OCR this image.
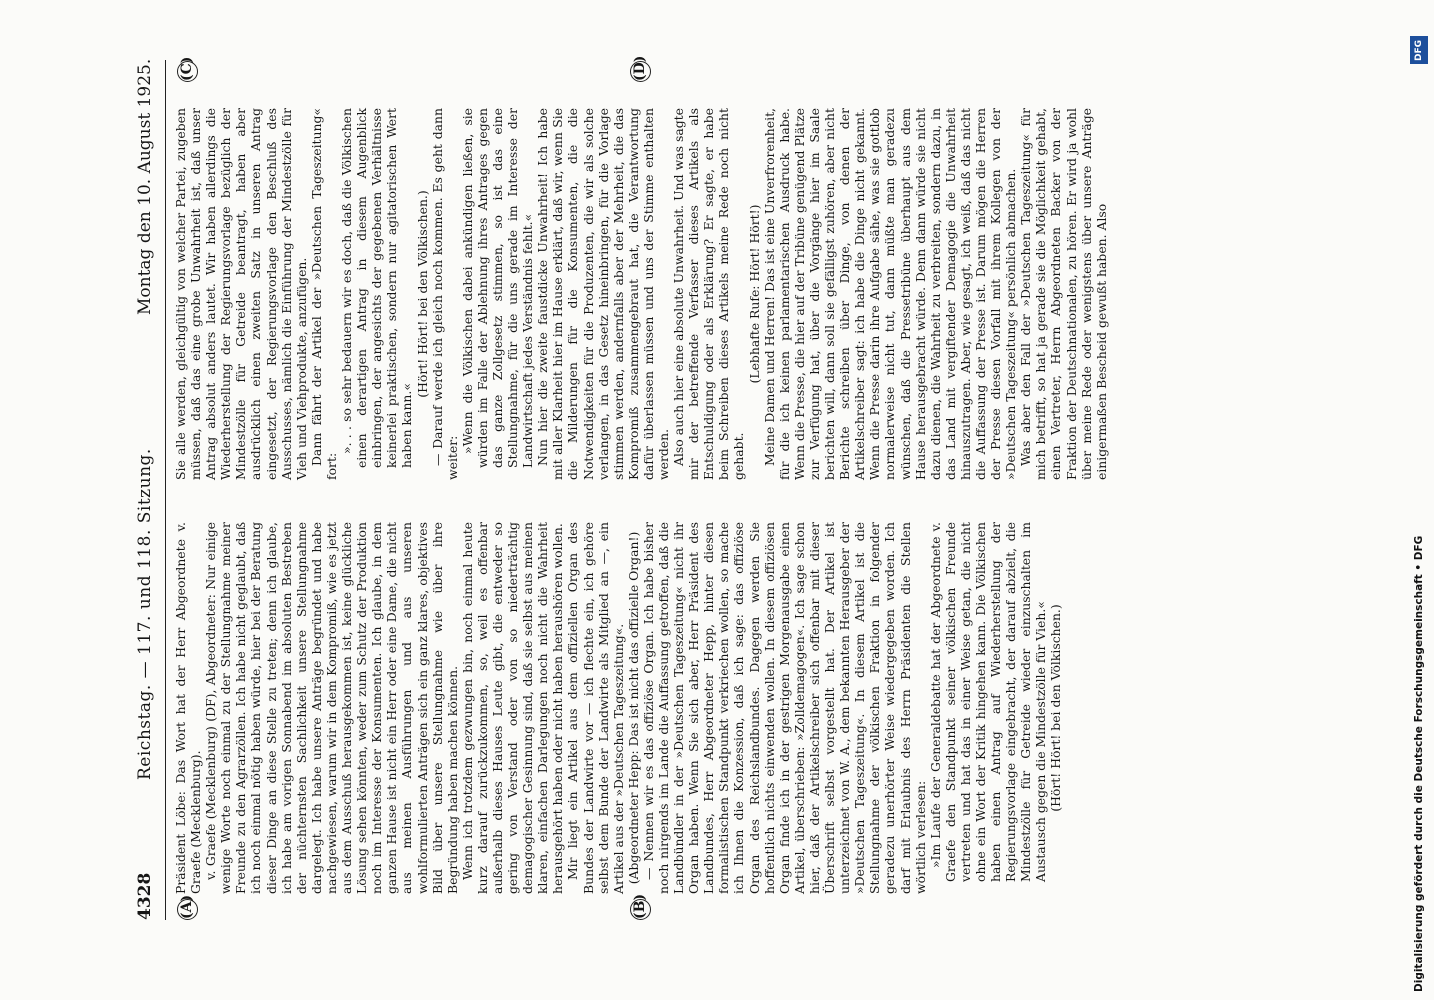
4328
Reichstag. — 117. und 118. Sitzung.
Montag den 10. August 1925.
(A)	(B)
(C)	(D)

Präsident Löbe: Das Wort hat der Herr Abgeordnete v. Graefe (Mecklenburg). v. Graefe (Mecklenburg) (DF), Abgeordneter: Nur einige wenige Worte noch einmal zu der Stellungnahme meiner Freunde zu den Agrarzöllen. Ich habe nicht geglaubt, daß ich noch einmal nötig haben würde, hier bei der Beratung dieser Dinge an diese Stelle zu treten; denn ich glaube, ich habe am vorigen Sonnabend im absoluten Bestreben der nüchternsten Sachlichkeit unsere Stellungnahme dargelegt. Ich habe unsere Anträge begründet und habe nachgewiesen, warum wir in dem Kompromiß, wie es jetzt aus dem Ausschuß herausgekommen ist, keine glückliche Lösung sehen könnten, weder zum Schutz der Produktion noch im Interesse der Konsumenten. Ich glaube, in dem ganzen Hause ist nicht ein Herr oder eine Dame, die nicht aus meinen Ausführungen und aus unseren wohlformulierten Anträgen sich ein ganz klares, objektives Bild über unsere Stellungnahme wie über ihre Begründung haben machen können. Wenn ich trotzdem gezwungen bin, noch einmal heute kurz darauf zurückzukommen, so, weil es offenbar außerhalb dieses Hauses Leute gibt, die entweder so gering von Verstand oder von so niederträchtig demagogischer Gesinnung sind, daß sie selbst aus meinen klaren, einfachen Darlegungen noch nicht die Wahrheit herausgehört haben oder nicht haben heraushören wollen. Mir liegt ein Artikel aus dem offiziellen Organ des Bundes der Landwirte vor — ich flechte ein, ich gehöre selbst dem Bunde der Landwirte als Mitglied an —, ein Artikel aus der »Deutschen Tageszeitung«. (Abgeordneter Hepp: Das ist nicht das offizielle Organ!) — Nennen wir es das offiziöse Organ. Ich habe bisher noch nirgends im Lande die Auffassung getroffen, daß die Landbündler in der »Deutschen Tageszeitung« nicht ihr Organ haben. Wenn Sie sich aber, Herr Präsident des Landbundes, Herr Abgeordneter Hepp, hinter diesen formalistischen Standpunkt verkriechen wollen, so mache ich Ihnen die Konzession, daß ich sage: das offiziöse Organ des Reichslandbundes. Dagegen werden Sie hoffentlich nichts einwenden wollen. In diesem offiziösen Organ finde ich in der gestrigen Morgenausgabe einen Artikel, überschrieben: »Zolldemagogen«. Ich sage schon hier, daß der Artikelschreiber sich offenbar mit dieser Überschrift selbst vorgestellt hat. Der Artikel ist unterzeichnet von W. A., dem bekannten Herausgeber der »Deutschen Tageszeitung«. In diesem Artikel ist die Stellungnahme der völkischen Fraktion in folgender geradezu unerhörter Weise wiedergegeben worden. Ich darf mit Erlaubnis des Herrn Präsidenten die Stellen wörtlich verlesen: »Im Laufe der Generaldebatte hat der Abgeordnete v. Graefe den Standpunkt seiner völkischen Freunde vertreten und hat das in einer Weise getan, die nicht ohne ein Wort der Kritik hingehen kann. Die Völkischen haben einen Antrag auf Wiederherstellung der Regierungsvorlage eingebracht, der darauf abzielt, die Mindestzölle für Getreide wieder einzuschalten im Austausch gegen die Mindestzölle für Vieh.« (Hört! Hört! bei den Völkischen.)

Sie alle werden, gleichgültig von welcher Partei, zugeben müssen, daß das eine grobe Unwahrheit ist, daß unser Antrag absolut anders lautet. Wir haben allerdings die Wiederherstellung der Regierungsvorlage bezüglich der Mindestzölle für Getreide beantragt, haben aber ausdrücklich einen zweiten Satz in unseren Antrag eingesetzt, der Regierungsvorlage den Beschluß des Ausschusses, nämlich die Einführung der Mindestzölle für Vieh und Viehprodukte, anzufügen. Dann fährt der Artikel der »Deutschen Tageszeitung« fort:

». . . so sehr bedauern wir es doch, daß die Völkischen einen derartigen Antrag in diesem Augenblick einbringen, der angesichts der gegebenen Verhältnisse keinerlei praktischen, sondern nur agitatorischen Wert haben kann.«

(Hört! Hört! bei den Völkischen.) — Darauf werde ich gleich noch kommen. Es geht dann weiter:

»Wenn die Völkischen dabei ankündigen ließen, sie würden im Falle der Ablehnung ihres Antrages gegen das ganze Zollgesetz stimmen, so ist das eine Stellungnahme, für die uns gerade im Interesse der Landwirtschaft jedes Verständnis fehlt.« Nun hier die zweite faustdicke Unwahrheit! Ich habe mit aller Klarheit hier im Hause erklärt, daß wir, wenn Sie die Milderungen für die Konsumenten, die die Notwendigkeiten für die Produzenten, die wir als solche verlangen, in das Gesetz hineinbringen, für die Vorlage stimmen werden, andernfalls aber der Mehrheit, die das Kompromiß zusammengebraut hat, die Verantwortung dafür überlassen müssen und uns der Stimme enthalten werden. Also auch hier eine absolute Unwahrheit. Und was sagte mir der betreffende Verfasser dieses Artikels als Entschuldigung oder als Erklärung? Er sagte, er habe beim Schreiben dieses Artikels meine Rede noch nicht gehabt.

(Lebhafte Rufe: Hört! Hört!) Meine Damen und Herren! Das ist eine Unverfrorenheit, für die ich keinen parlamentarischen Ausdruck habe. Wenn die Presse, die hier auf der Tribüne genügend Plätze zur Verfügung hat, über die Vorgänge hier im Saale berichten will, dann soll sie gefälligst zuhören, aber nicht Berichte schreiben über Dinge, von denen der Artikelschreiber sagt: ich habe die Dinge nicht gekannt. Wenn die Presse darin ihre Aufgabe sähe, was sie gottlob normalerweise nicht tut, dann müßte man geradezu wünschen, daß die Pressetribüne überhaupt aus dem Hause herausgebracht würde. Denn dann würde sie nicht dazu dienen, die Wahrheit zu verbreiten, sondern dazu, in das Land mit vergiftender Demagogie die Unwahrheit hinauszutragen. Aber, wie gesagt, ich weiß, daß das nicht die Auffassung der Presse ist. Darum mögen die Herren der Presse diesen Vorfall mit ihrem Kollegen von der »Deutschen Tageszeitung« persönlich abmachen. Was aber den Fall der »Deutschen Tageszeitung« für mich betrifft, so hat ja gerade sie die Möglichkeit gehabt, einen Vertreter, Herrn Abgeordneten Backer von der Fraktion der Deutschnationalen, zu hören. Er wird ja wohl über meine Rede oder wenigstens über unsere Anträge einigermaßen Bescheid gewußt haben. Also

DFG
Digitalisierung gefördert durch die Deutsche Forschungsgemeinschaft • DFG
